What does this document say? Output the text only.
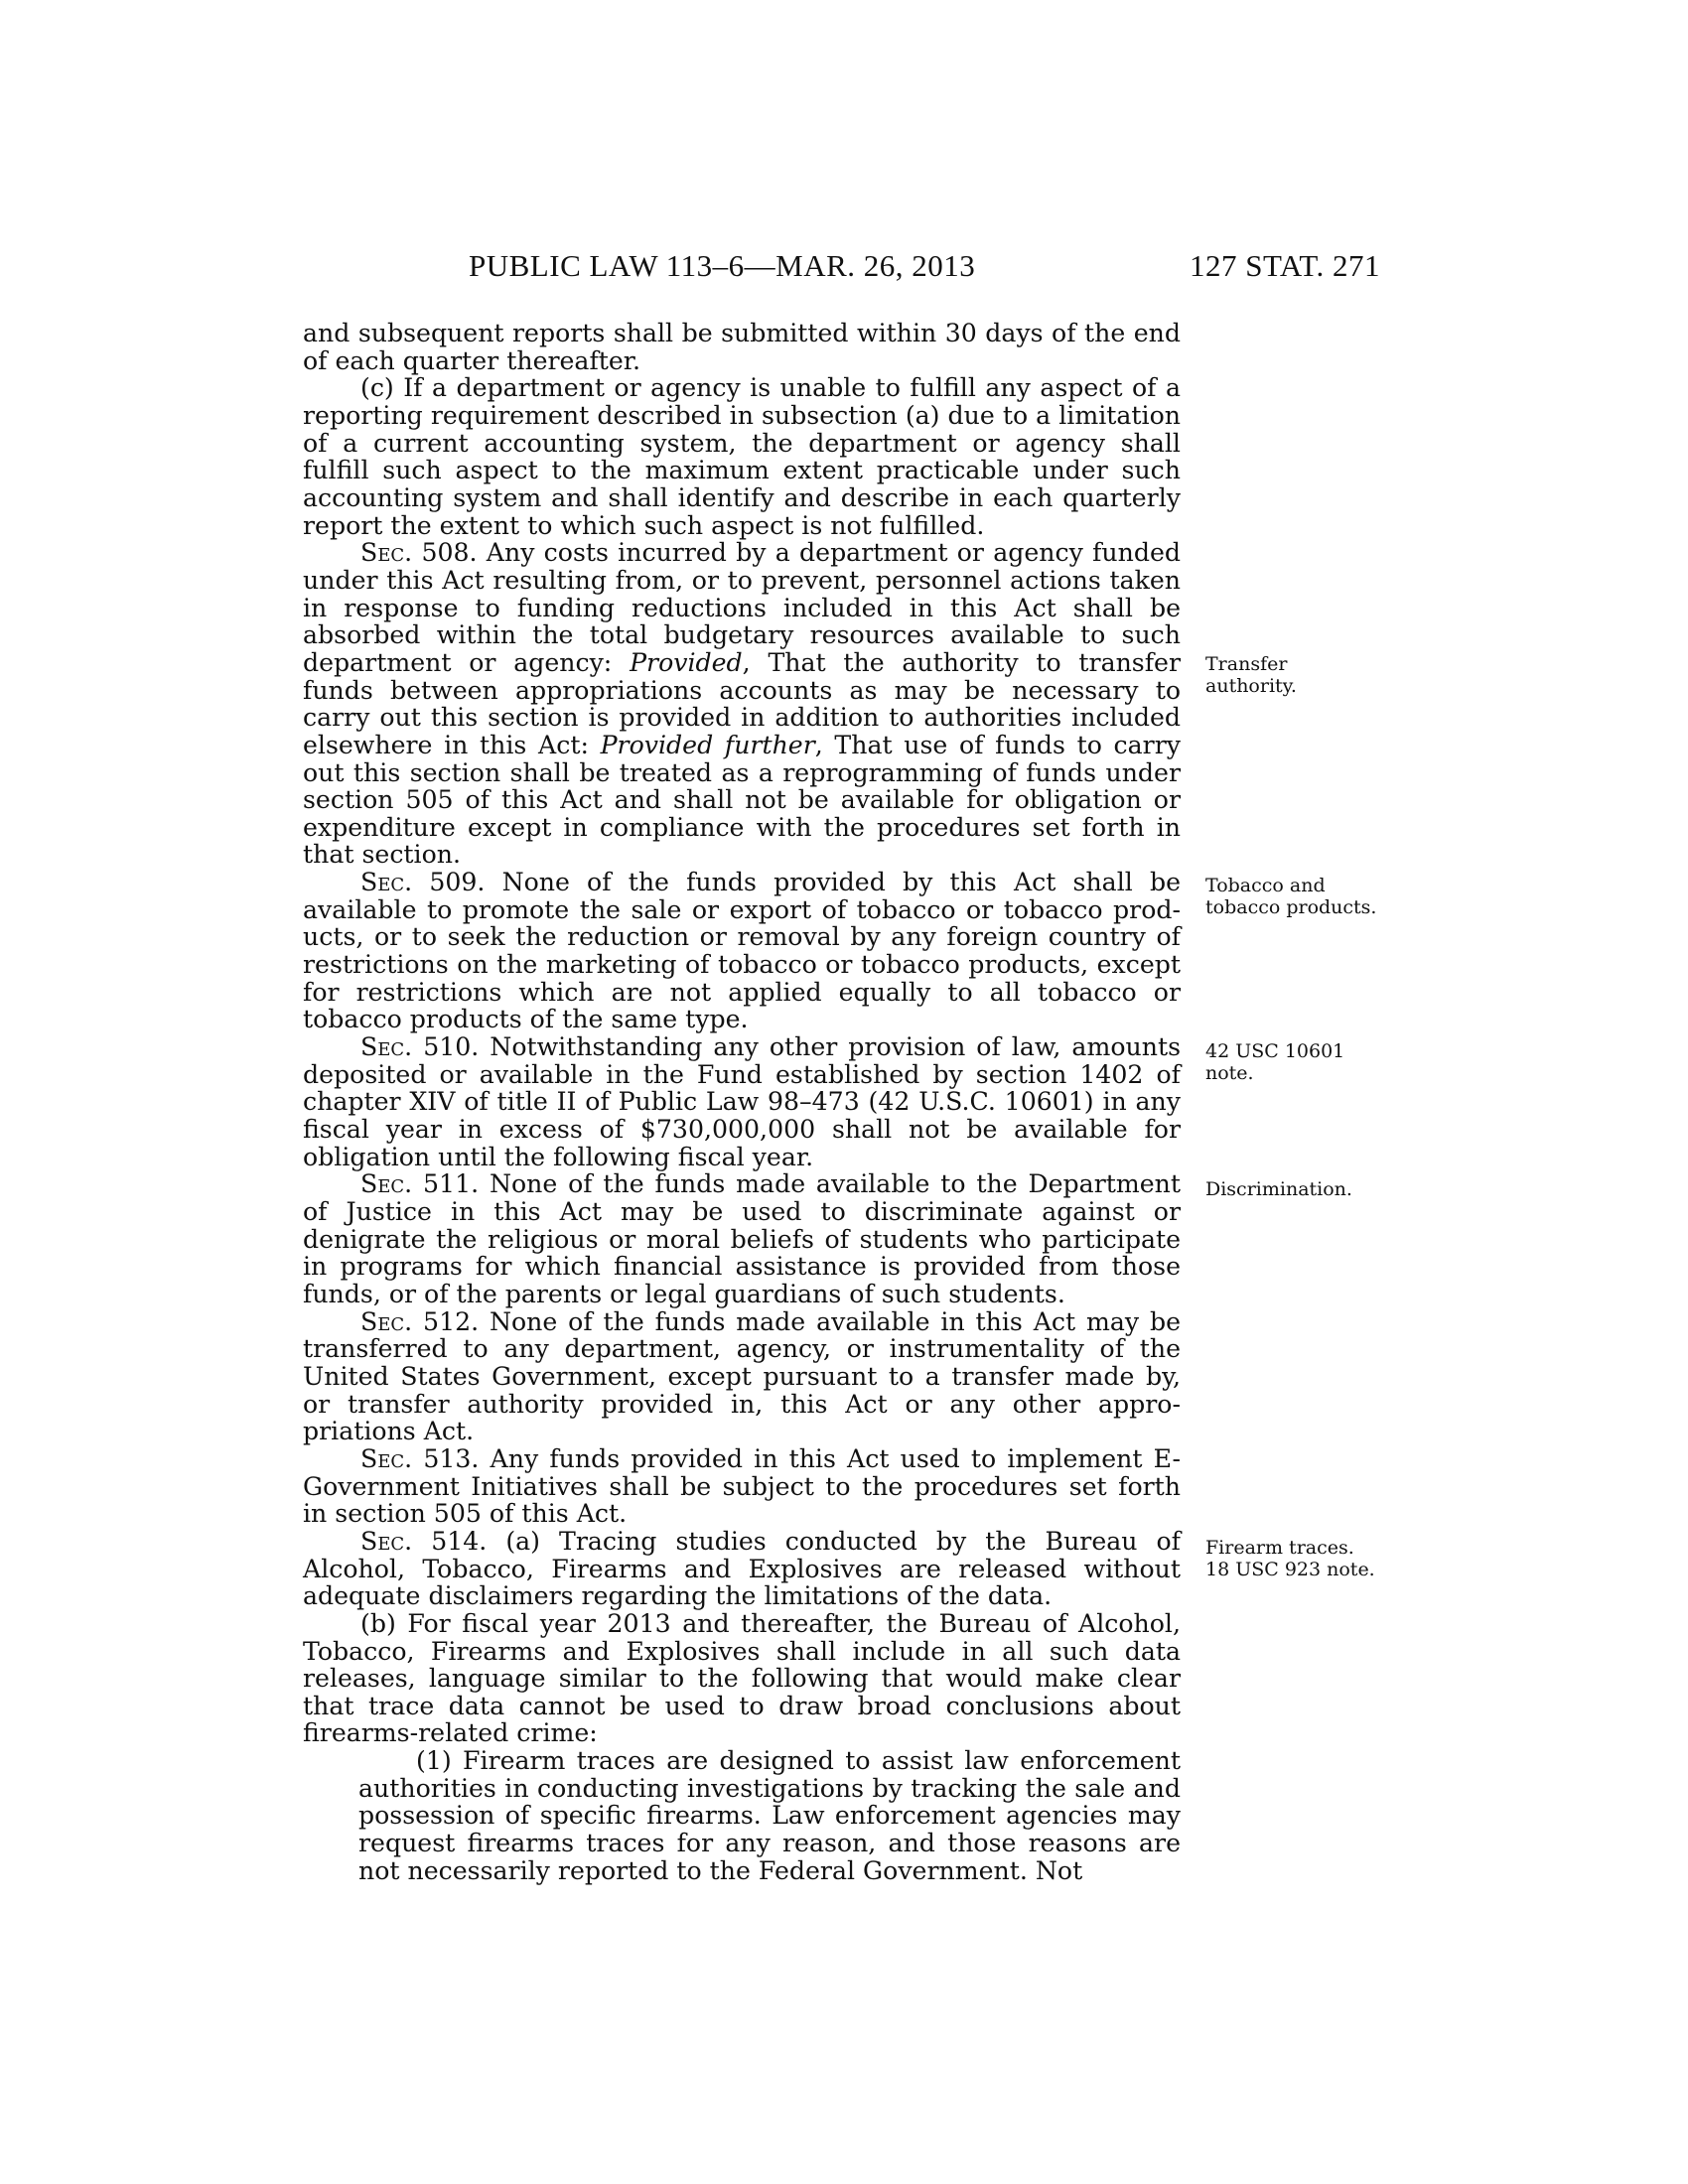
PUBLIC LAW 113–6—MAR. 26, 2013	127 STAT. 271

and subsequent reports shall be submitted within 30 days of the end of each quarter thereafter.

(c) If a department or agency is unable to fulfill any aspect of a reporting requirement described in subsection (a) due to a limitation of a current accounting system, the department or agency shall fulfill such aspect to the maximum extent practicable under such accounting system and shall identify and describe in each quarterly report the extent to which such aspect is not fulfilled.

Sec. 508. Any costs incurred by a department or agency funded under this Act resulting from, or to prevent, personnel actions taken in response to funding reductions included in this Act shall be absorbed within the total budgetary resources available to such department or agency: Provided, That the authority to transfer funds between appropriations accounts as may be necessary to carry out this section is provided in addition to authorities included elsewhere in this Act: Provided further, That use of funds to carry out this section shall be treated as a reprogramming of funds under section 505 of this Act and shall not be available for obligation or expenditure except in compliance with the procedures set forth in that section.

Sec. 509. None of the funds provided by this Act shall be available to promote the sale or export of tobacco or tobacco prod-ucts, or to seek the reduction or removal by any foreign country of restrictions on the marketing of tobacco or tobacco products, except for restrictions which are not applied equally to all tobacco or tobacco products of the same type.

Sec. 510. Notwithstanding any other provision of law, amounts deposited or available in the Fund established by section 1402 of chapter XIV of title II of Public Law 98–473 (42 U.S.C. 10601) in any fiscal year in excess of $730,000,000 shall not be available for obligation until the following fiscal year.

Sec. 511. None of the funds made available to the Department of Justice in this Act may be used to discriminate against or denigrate the religious or moral beliefs of students who participate in programs for which financial assistance is provided from those funds, or of the parents or legal guardians of such students.

Sec. 512. None of the funds made available in this Act may be transferred to any department, agency, or instrumentality of the United States Government, except pursuant to a transfer made by, or transfer authority provided in, this Act or any other appro-priations Act.

Sec. 513. Any funds provided in this Act used to implement E-Government Initiatives shall be subject to the procedures set forth in section 505 of this Act.

Sec. 514. (a) Tracing studies conducted by the Bureau of Alcohol, Tobacco, Firearms and Explosives are released without adequate disclaimers regarding the limitations of the data.

(b) For fiscal year 2013 and thereafter, the Bureau of Alcohol, Tobacco, Firearms and Explosives shall include in all such data releases, language similar to the following that would make clear that trace data cannot be used to draw broad conclusions about firearms-related crime:

(1) Firearm traces are designed to assist law enforcement authorities in conducting investigations by tracking the sale and possession of specific firearms. Law enforcement agencies may request firearms traces for any reason, and those reasons are not necessarily reported to the Federal Government. Not

Transfer
authority.
Tobacco and
tobacco products.
42 USC 10601
note.
Discrimination.
Firearm traces.
18 USC 923 note.
